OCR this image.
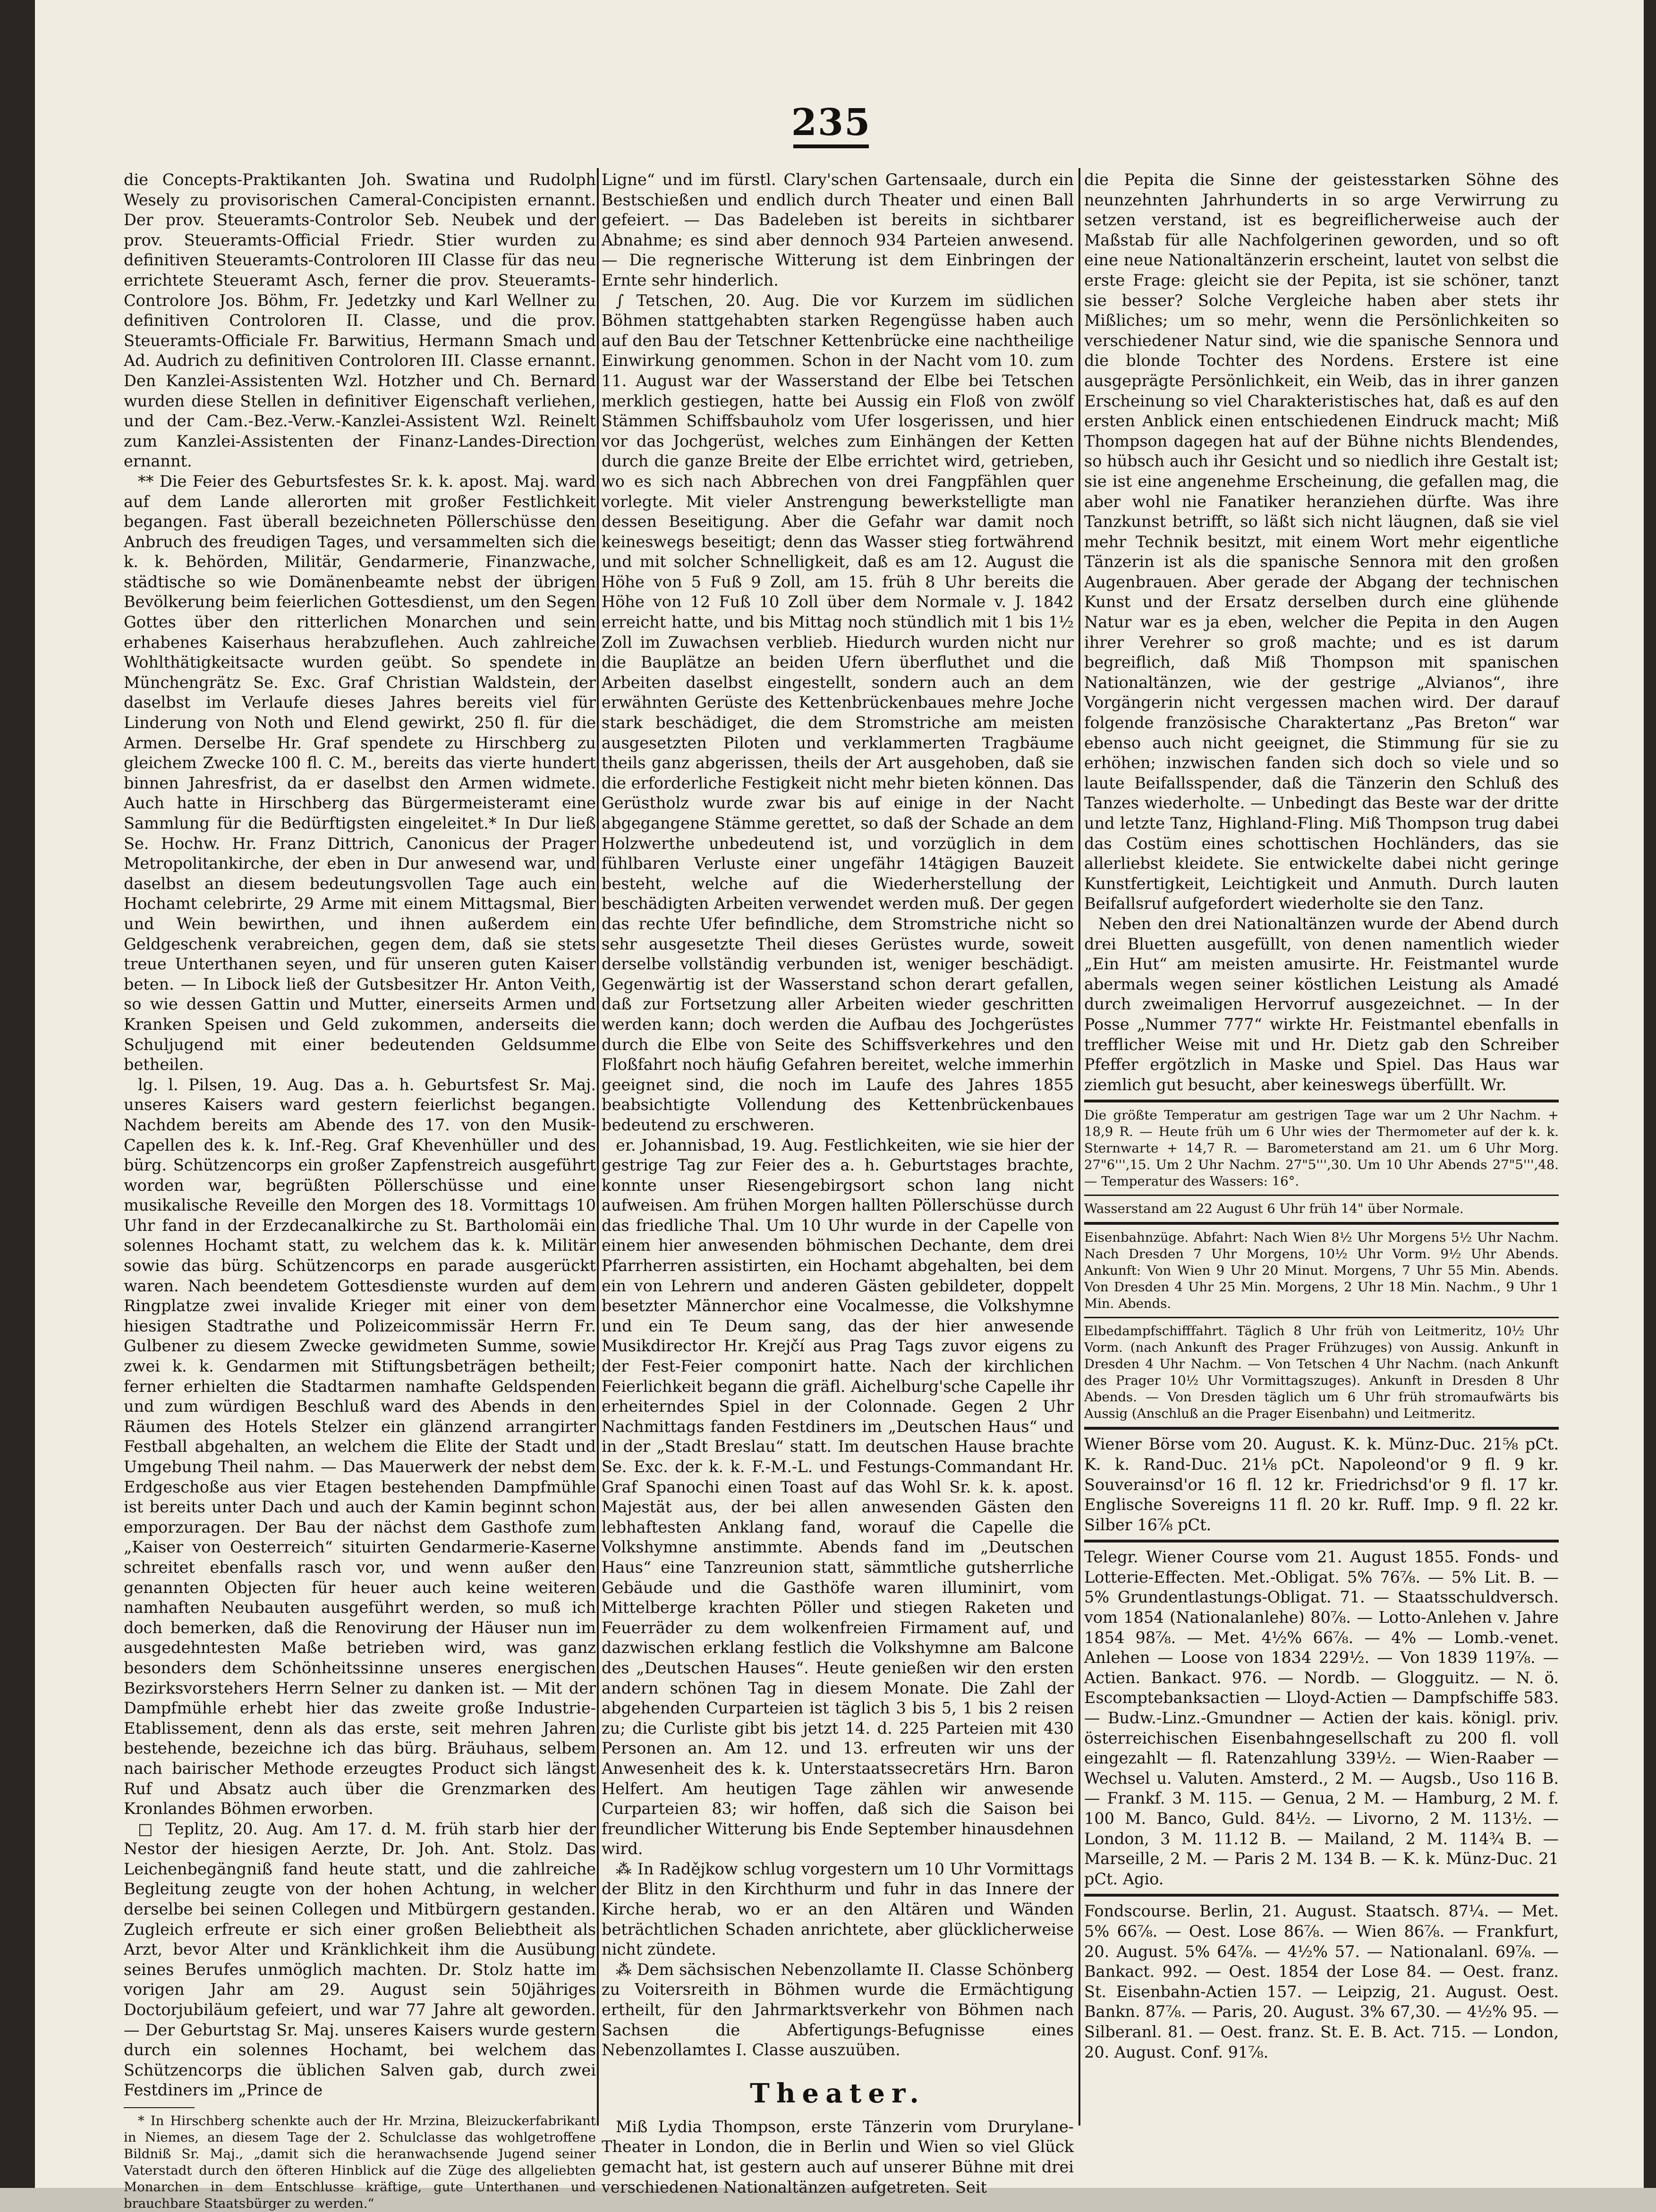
235

die Concepts-Praktikanten Joh. Swatina und Rudolph Wesely zu provisorischen Cameral-Concipisten ernannt. Der prov. Steueramts-Controlor Seb. Neubek und der prov. Steueramts-Official Friedr. Stier wurden zu definitiven Steueramts-Controloren III Classe für das neu errichtete Steueramt Asch, ferner die prov. Steueramts-Controlore Jos. Böhm, Fr. Jedetzky und Karl Wellner zu definitiven Controloren II. Classe, und die prov. Steueramts-Officiale Fr. Barwitius, Hermann Smach und Ad. Audrich zu definitiven Controloren III. Classe ernannt. Den Kanzlei-Assistenten Wzl. Hotzher und Ch. Bernard wurden diese Stellen in definitiver Eigenschaft verliehen, und der Cam.-Bez.-Verw.-Kanzlei-Assistent Wzl. Reinelt zum Kanzlei-Assistenten der Finanz-Landes-Direction ernannt.

** Die Feier des Geburtsfestes Sr. k. k. apost. Maj. ward auf dem Lande allerorten mit großer Festlichkeit begangen. Fast überall bezeichneten Pöllerschüsse den Anbruch des freudigen Tages, und versammelten sich die k. k. Behörden, Militär, Gendarmerie, Finanzwache, städtische so wie Domänenbeamte nebst der übrigen Bevölkerung beim feierlichen Gottesdienst, um den Segen Gottes über den ritterlichen Monarchen und sein erhabenes Kaiserhaus herabzuflehen. Auch zahlreiche Wohlthätigkeitsacte wurden geübt. So spendete in Münchengrätz Se. Exc. Graf Christian Waldstein, der daselbst im Verlaufe dieses Jahres bereits viel für Linderung von Noth und Elend gewirkt, 250 fl. für die Armen. Derselbe Hr. Graf spendete zu Hirschberg zu gleichem Zwecke 100 fl. C. M., bereits das vierte hundert binnen Jahresfrist, da er daselbst den Armen widmete. Auch hatte in Hirschberg das Bürgermeisteramt eine Sammlung für die Bedürftigsten eingeleitet.* In Dur ließ Se. Hochw. Hr. Franz Dittrich, Canonicus der Prager Metropolitankirche, der eben in Dur anwesend war, und daselbst an diesem bedeutungsvollen Tage auch ein Hochamt celebrirte, 29 Arme mit einem Mittagsmal, Bier und Wein bewirthen, und ihnen außerdem ein Geldgeschenk verabreichen, gegen dem, daß sie stets treue Unterthanen seyen, und für unseren guten Kaiser beten. — In Libock ließ der Gutsbesitzer Hr. Anton Veith, so wie dessen Gattin und Mutter, einerseits Armen und Kranken Speisen und Geld zukommen, anderseits die Schuljugend mit einer bedeutenden Geldsumme betheilen.

lg. l. Pilsen, 19. Aug. Das a. h. Geburtsfest Sr. Maj. unseres Kaisers ward gestern feierlichst begangen. Nachdem bereits am Abende des 17. von den Musik-Capellen des k. k. Inf.-Reg. Graf Khevenhüller und des bürg. Schützencorps ein großer Zapfenstreich ausgeführt worden war, begrüßten Pöllerschüsse und eine musikalische Reveille den Morgen des 18. Vormittags 10 Uhr fand in der Erzdecanalkirche zu St. Bartholomäi ein solennes Hochamt statt, zu welchem das k. k. Militär sowie das bürg. Schützencorps en parade ausgerückt waren. Nach beendetem Gottesdienste wurden auf dem Ringplatze zwei invalide Krieger mit einer von dem hiesigen Stadtrathe und Polizeicommissär Herrn Fr. Gulbener zu diesem Zwecke gewidmeten Summe, sowie zwei k. k. Gendarmen mit Stiftungsbeträgen betheilt; ferner erhielten die Stadtarmen namhafte Geldspenden und zum würdigen Beschluß ward des Abends in den Räumen des Hotels Stelzer ein glänzend arrangirter Festball abgehalten, an welchem die Elite der Stadt und Umgebung Theil nahm. — Das Mauerwerk der nebst dem Erdgeschoße aus vier Etagen bestehenden Dampfmühle ist bereits unter Dach und auch der Kamin beginnt schon emporzuragen. Der Bau der nächst dem Gasthofe zum „Kaiser von Oesterreich“ situirten Gendarmerie-Kaserne schreitet ebenfalls rasch vor, und wenn außer den genannten Objecten für heuer auch keine weiteren namhaften Neubauten ausgeführt werden, so muß ich doch bemerken, daß die Renovirung der Häuser nun im ausgedehntesten Maße betrieben wird, was ganz besonders dem Schönheitssinne unseres energischen Bezirksvorstehers Herrn Selner zu danken ist. — Mit der Dampfmühle erhebt hier das zweite große Industrie-Etablissement, denn als das erste, seit mehren Jahren bestehende, bezeichne ich das bürg. Bräuhaus, selbem nach bairischer Methode erzeugtes Product sich längst Ruf und Absatz auch über die Grenzmarken des Kronlandes Böhmen erworben.

□ Teplitz, 20. Aug. Am 17. d. M. früh starb hier der Nestor der hiesigen Aerzte, Dr. Joh. Ant. Stolz. Das Leichenbegängniß fand heute statt, und die zahlreiche Begleitung zeugte von der hohen Achtung, in welcher derselbe bei seinen Collegen und Mitbürgern gestanden. Zugleich erfreute er sich einer großen Beliebtheit als Arzt, bevor Alter und Kränklichkeit ihm die Ausübung seines Berufes unmöglich machten. Dr. Stolz hatte im vorigen Jahr am 29. August sein 50jähriges Doctorjubiläum gefeiert, und war 77 Jahre alt geworden. — Der Geburtstag Sr. Maj. unseres Kaisers wurde gestern durch ein solennes Hochamt, bei welchem das Schützencorps die üblichen Salven gab, durch zwei Festdiners im „Prince de

* In Hirschberg schenkte auch der Hr. Mrzina, Bleizuckerfabrikant in Niemes, an diesem Tage der 2. Schulclasse das wohlgetroffene Bildniß Sr. Maj., „damit sich die heranwachsende Jugend seiner Vaterstadt durch den öfteren Hinblick auf die Züge des allgeliebten Monarchen in dem Entschlusse kräftige, gute Unterthanen und brauchbare Staatsbürger zu werden.“

Ligne“ und im fürstl. Clary'schen Gartensaale, durch ein Bestschießen und endlich durch Theater und einen Ball gefeiert. — Das Badeleben ist bereits in sichtbarer Abnahme; es sind aber dennoch 934 Parteien anwesend. — Die regnerische Witterung ist dem Einbringen der Ernte sehr hinderlich.

∫ Tetschen, 20. Aug. Die vor Kurzem im südlichen Böhmen stattgehabten starken Regengüsse haben auch auf den Bau der Tetschner Kettenbrücke eine nachtheilige Einwirkung genommen. Schon in der Nacht vom 10. zum 11. August war der Wasserstand der Elbe bei Tetschen merklich gestiegen, hatte bei Aussig ein Floß von zwölf Stämmen Schiffsbauholz vom Ufer losgerissen, und hier vor das Jochgerüst, welches zum Einhängen der Ketten durch die ganze Breite der Elbe errichtet wird, getrieben, wo es sich nach Abbrechen von drei Fangpfählen quer vorlegte. Mit vieler Anstrengung bewerkstelligte man dessen Beseitigung. Aber die Gefahr war damit noch keineswegs beseitigt; denn das Wasser stieg fortwährend und mit solcher Schnelligkeit, daß es am 12. August die Höhe von 5 Fuß 9 Zoll, am 15. früh 8 Uhr bereits die Höhe von 12 Fuß 10 Zoll über dem Normale v. J. 1842 erreicht hatte, und bis Mittag noch stündlich mit 1 bis 1½ Zoll im Zuwachsen verblieb. Hiedurch wurden nicht nur die Bauplätze an beiden Ufern überfluthet und die Arbeiten daselbst eingestellt, sondern auch an dem erwähnten Gerüste des Kettenbrückenbaues mehre Joche stark beschädiget, die dem Stromstriche am meisten ausgesetzten Piloten und verklammerten Tragbäume theils ganz abgerissen, theils der Art ausgehoben, daß sie die erforderliche Festigkeit nicht mehr bieten können. Das Gerüstholz wurde zwar bis auf einige in der Nacht abgegangene Stämme gerettet, so daß der Schade an dem Holzwerthe unbedeutend ist, und vorzüglich in dem fühlbaren Verluste einer ungefähr 14tägigen Bauzeit besteht, welche auf die Wiederherstellung der beschädigten Arbeiten verwendet werden muß. Der gegen das rechte Ufer befindliche, dem Stromstriche nicht so sehr ausgesetzte Theil dieses Gerüstes wurde, soweit derselbe vollständig verbunden ist, weniger beschädigt. Gegenwärtig ist der Wasserstand schon derart gefallen, daß zur Fortsetzung aller Arbeiten wieder geschritten werden kann; doch werden die Aufbau des Jochgerüstes durch die Elbe von Seite des Schiffsverkehres und den Floßfahrt noch häufig Gefahren bereitet, welche immerhin geeignet sind, die noch im Laufe des Jahres 1855 beabsichtigte Vollendung des Kettenbrückenbaues bedeutend zu erschweren.

er. Johannisbad, 19. Aug. Festlichkeiten, wie sie hier der gestrige Tag zur Feier des a. h. Geburtstages brachte, konnte unser Riesengebirgsort schon lang nicht aufweisen. Am frühen Morgen hallten Pöllerschüsse durch das friedliche Thal. Um 10 Uhr wurde in der Capelle von einem hier anwesenden böhmischen Dechante, dem drei Pfarrherren assistirten, ein Hochamt abgehalten, bei dem ein von Lehrern und anderen Gästen gebildeter, doppelt besetzter Männerchor eine Vocalmesse, die Volkshymne und ein Te Deum sang, das der hier anwesende Musikdirector Hr. Krejčí aus Prag Tags zuvor eigens zu der Fest-Feier componirt hatte. Nach der kirchlichen Feierlichkeit begann die gräfl. Aichelburg'sche Capelle ihr erheiterndes Spiel in der Colonnade. Gegen 2 Uhr Nachmittags fanden Festdiners im „Deutschen Haus“ und in der „Stadt Breslau“ statt. Im deutschen Hause brachte Se. Exc. der k. k. F.-M.-L. und Festungs-Commandant Hr. Graf Spanochi einen Toast auf das Wohl Sr. k. k. apost. Majestät aus, der bei allen anwesenden Gästen den lebhaftesten Anklang fand, worauf die Capelle die Volkshymne anstimmte. Abends fand im „Deutschen Haus“ eine Tanzreunion statt, sämmtliche gutsherrliche Gebäude und die Gasthöfe waren illuminirt, vom Mittelberge krachten Pöller und stiegen Raketen und Feuerräder zu dem wolkenfreien Firmament auf, und dazwischen erklang festlich die Volkshymne am Balcone des „Deutschen Hauses“. Heute genießen wir den ersten andern schönen Tag in diesem Monate. Die Zahl der abgehenden Curparteien ist täglich 3 bis 5, 1 bis 2 reisen zu; die Curliste gibt bis jetzt 14. d. 225 Parteien mit 430 Personen an. Am 12. und 13. erfreuten wir uns der Anwesenheit des k. k. Unterstaatssecretärs Hrn. Baron Helfert. Am heutigen Tage zählen wir anwesende Curparteien 83; wir hoffen, daß sich die Saison bei freundlicher Witterung bis Ende September hinausdehnen wird.

⁂ In Radějkow schlug vorgestern um 10 Uhr Vormittags der Blitz in den Kirchthurm und fuhr in das Innere der Kirche herab, wo er an den Altären und Wänden beträchtlichen Schaden anrichtete, aber glücklicherweise nicht zündete.

⁂ Dem sächsischen Nebenzollamte II. Classe Schönberg zu Voitersreith in Böhmen wurde die Ermächtigung ertheilt, für den Jahrmarktsverkehr von Böhmen nach Sachsen die Abfertigungs-Befugnisse eines Nebenzollamtes I. Classe auszuüben.

Theater.

Miß Lydia Thompson, erste Tänzerin vom Drurylane-Theater in London, die in Berlin und Wien so viel Glück gemacht hat, ist gestern auch auf unserer Bühne mit drei verschiedenen Nationaltänzen aufgetreten. Seit

die Pepita die Sinne der geistesstarken Söhne des neunzehnten Jahrhunderts in so arge Verwirrung zu setzen verstand, ist es begreiflicherweise auch der Maßstab für alle Nachfolgerinen geworden, und so oft eine neue Nationaltänzerin erscheint, lautet von selbst die erste Frage: gleicht sie der Pepita, ist sie schöner, tanzt sie besser? Solche Vergleiche haben aber stets ihr Mißliches; um so mehr, wenn die Persönlichkeiten so verschiedener Natur sind, wie die spanische Sennora und die blonde Tochter des Nordens. Erstere ist eine ausgeprägte Persönlichkeit, ein Weib, das in ihrer ganzen Erscheinung so viel Charakteristisches hat, daß es auf den ersten Anblick einen entschiedenen Eindruck macht; Miß Thompson dagegen hat auf der Bühne nichts Blendendes, so hübsch auch ihr Gesicht und so niedlich ihre Gestalt ist; sie ist eine angenehme Erscheinung, die gefallen mag, die aber wohl nie Fanatiker heranziehen dürfte. Was ihre Tanzkunst betrifft, so läßt sich nicht läugnen, daß sie viel mehr Technik besitzt, mit einem Wort mehr eigentliche Tänzerin ist als die spanische Sennora mit den großen Augenbrauen. Aber gerade der Abgang der technischen Kunst und der Ersatz derselben durch eine glühende Natur war es ja eben, welcher die Pepita in den Augen ihrer Verehrer so groß machte; und es ist darum begreiflich, daß Miß Thompson mit spanischen Nationaltänzen, wie der gestrige „Alvianos“, ihre Vorgängerin nicht vergessen machen wird. Der darauf folgende französische Charaktertanz „Pas Breton“ war ebenso auch nicht geeignet, die Stimmung für sie zu erhöhen; inzwischen fanden sich doch so viele und so laute Beifallsspender, daß die Tänzerin den Schluß des Tanzes wiederholte. — Unbedingt das Beste war der dritte und letzte Tanz, Highland-Fling. Miß Thompson trug dabei das Costüm eines schottischen Hochländers, das sie allerliebst kleidete. Sie entwickelte dabei nicht geringe Kunstfertigkeit, Leichtigkeit und Anmuth. Durch lauten Beifallsruf aufgefordert wiederholte sie den Tanz.

Neben den drei Nationaltänzen wurde der Abend durch drei Bluetten ausgefüllt, von denen namentlich wieder „Ein Hut“ am meisten amusirte. Hr. Feistmantel wurde abermals wegen seiner köstlichen Leistung als Amadé durch zweimaligen Hervorruf ausgezeichnet. — In der Posse „Nummer 777“ wirkte Hr. Feistmantel ebenfalls in trefflicher Weise mit und Hr. Dietz gab den Schreiber Pfeffer ergötzlich in Maske und Spiel. Das Haus war ziemlich gut besucht, aber keineswegs überfüllt. Wr.

Die größte Temperatur am gestrigen Tage war um 2 Uhr Nachm. + 18,9 R. — Heute früh um 6 Uhr wies der Thermometer auf der k. k. Sternwarte + 14,7 R. — Barometerstand am 21. um 6 Uhr Morg. 27"6''',15. Um 2 Uhr Nachm. 27"5''',30. Um 10 Uhr Abends 27"5''',48. — Temperatur des Wassers: 16°.

Wasserstand am 22 August 6 Uhr früh 14" über Normale.

Eisenbahnzüge. Abfahrt: Nach Wien 8½ Uhr Morgens 5½ Uhr Nachm. Nach Dresden 7 Uhr Morgens, 10½ Uhr Vorm. 9½ Uhr Abends. Ankunft: Von Wien 9 Uhr 20 Minut. Morgens, 7 Uhr 55 Min. Abends. Von Dresden 4 Uhr 25 Min. Morgens, 2 Uhr 18 Min. Nachm., 9 Uhr 1 Min. Abends.

Elbedampfschifffahrt. Täglich 8 Uhr früh von Leitmeritz, 10½ Uhr Vorm. (nach Ankunft des Prager Frühzuges) von Aussig. Ankunft in Dresden 4 Uhr Nachm. — Von Tetschen 4 Uhr Nachm. (nach Ankunft des Prager 10½ Uhr Vormittagszuges). Ankunft in Dresden 8 Uhr Abends. — Von Dresden täglich um 6 Uhr früh stromaufwärts bis Aussig (Anschluß an die Prager Eisenbahn) und Leitmeritz.

Wiener Börse vom 20. August. K. k. Münz-Duc. 21⅝ pCt. K. k. Rand-Duc. 21⅛ pCt. Napoleond'or 9 fl. 9 kr. Souverainsd'or 16 fl. 12 kr. Friedrichsd'or 9 fl. 17 kr. Englische Sovereigns 11 fl. 20 kr. Ruff. Imp. 9 fl. 22 kr. Silber 16⅞ pCt.

Telegr. Wiener Course vom 21. August 1855. Fonds- und Lotterie-Effecten. Met.-Obligat. 5% 76⅞. — 5% Lit. B. — 5% Grundentlastungs-Obligat. 71. — Staatsschuldversch. vom 1854 (Nationalanlehe) 80⅞. — Lotto-Anlehen v. Jahre 1854 98⅞. — Met. 4½% 66⅞. — 4% — Lomb.-venet. Anlehen — Loose von 1834 229½. — Von 1839 119⅞. — Actien. Bankact. 976. — Nordb. — Glogguitz. — N. ö. Escomptebanksactien — Lloyd-Actien — Dampfschiffe 583. — Budw.-Linz.-Gmundner — Actien der kais. königl. priv. österreichischen Eisenbahngesellschaft zu 200 fl. voll eingezahlt — fl. Ratenzahlung 339½. — Wien-Raaber — Wechsel u. Valuten. Amsterd., 2 M. — Augsb., Uso 116 B. — Frankf. 3 M. 115. — Genua, 2 M. — Hamburg, 2 M. f. 100 M. Banco, Guld. 84½. — Livorno, 2 M. 113½. — London, 3 M. 11.12 B. — Mailand, 2 M. 114¾ B. — Marseille, 2 M. — Paris 2 M. 134 B. — K. k. Münz-Duc. 21 pCt. Agio.

Fondscourse. Berlin, 21. August. Staatsch. 87¼. — Met. 5% 66⅞. — Oest. Lose 86⅞. — Wien 86⅞. — Frankfurt, 20. August. 5% 64⅞. — 4½% 57. — Nationalanl. 69⅞. — Bankact. 992. — Oest. 1854 der Lose 84. — Oest. franz. St. Eisenbahn-Actien 157. — Leipzig, 21. August. Oest. Bankn. 87⅞. — Paris, 20. August. 3% 67,30. — 4½% 95. — Silberanl. 81. — Oest. franz. St. E. B. Act. 715. — London, 20. August. Conf. 91⅞.
